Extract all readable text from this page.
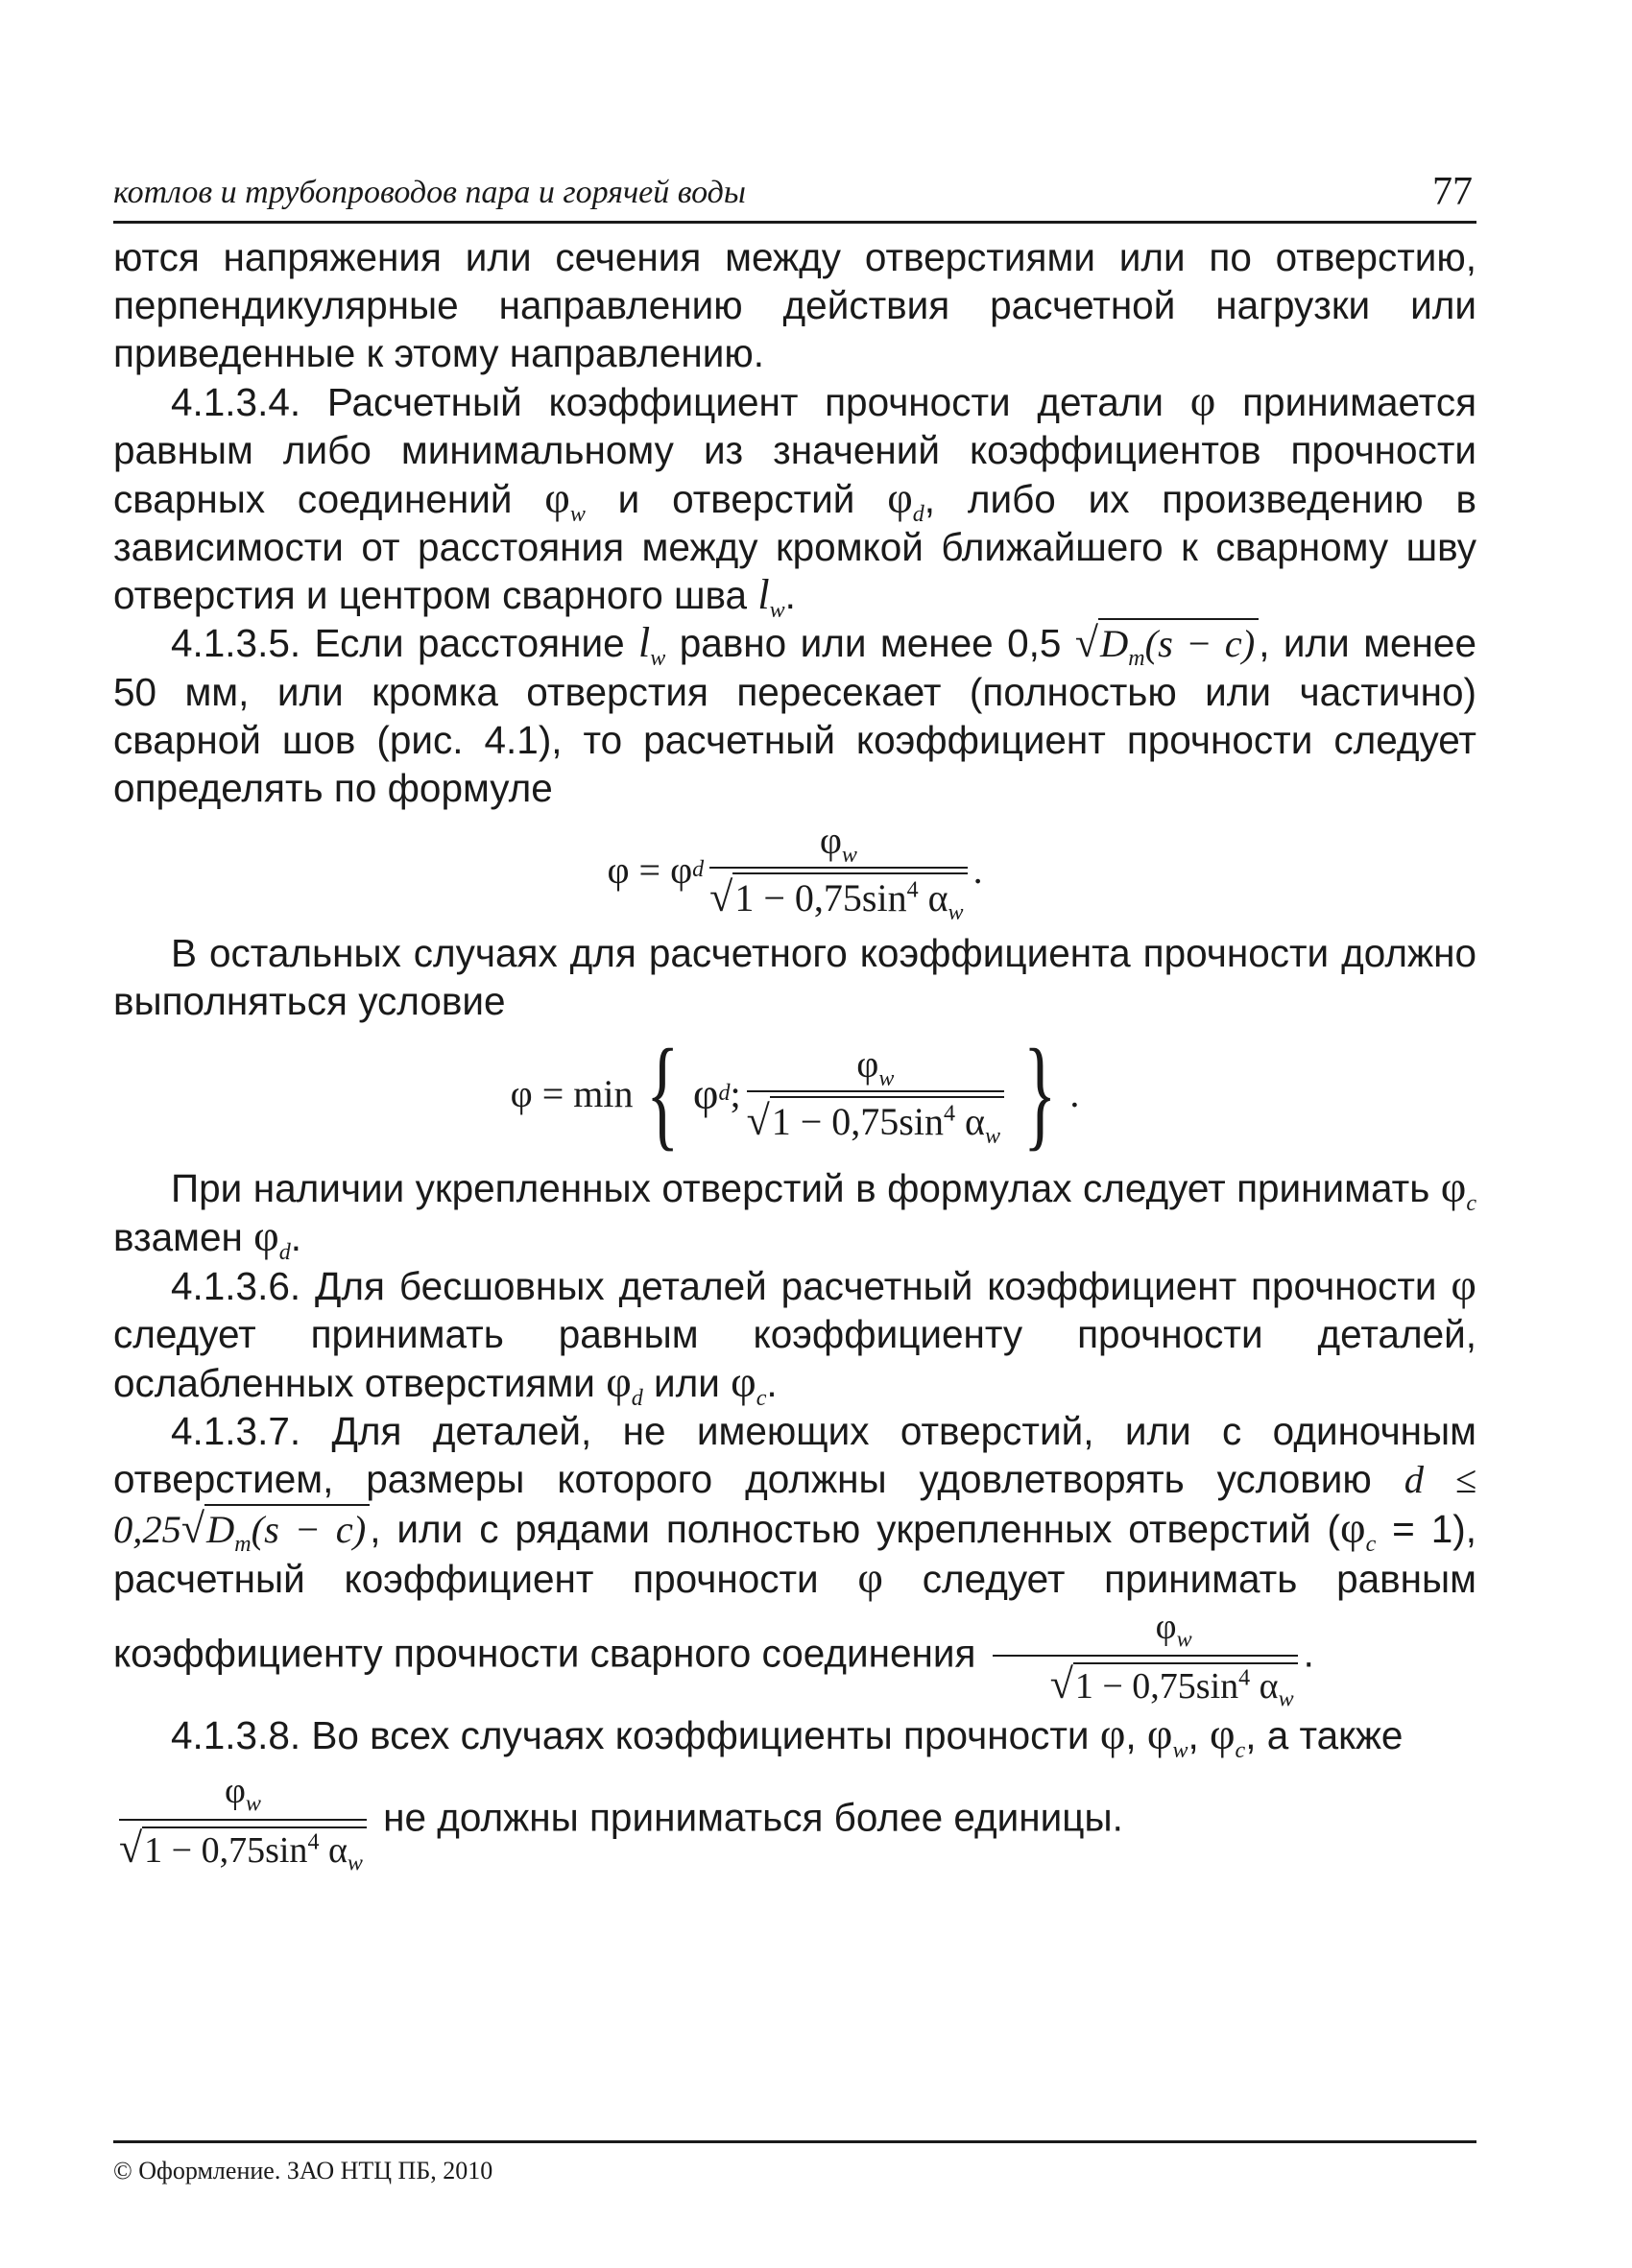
котлов и трубопроводов пара и горячей воды	77

ются напряжения или сечения между отверстиями или по отверстию, перпендикулярные направлению действия расчетной нагрузки или приведенные к этому направлению.

4.1.3.4. Расчетный коэффициент прочности детали φ принимается равным либо минимальному из значений коэффициентов прочности сварных соединений $\varphi_w$ и отверстий $\varphi_d$, либо их произведению в зависимости от расстояния между кромкой ближайшего к сварному шву отверстия и центром сварного шва $l_w$.

4.1.3.5. Если расстояние $l_w$ равно или менее 0,5 $√D_m(s - c)$, или менее 50 мм, или кромка отверстия пересекает (полностью или частично) сварной шов (рис. 4.1), то расчетный коэффициент прочности следует определять по формуле

φ = φ d $\frac{\varphi_w}{√1 - 0,75\sin^4 \alpha_w}$ .

В остальных случаях для расчетного коэффициента прочности должно выполняться условие

φ = min { φ d ; $\frac{\varphi_w}{√1 - 0,75\sin^4 \alpha_w}$ } .

При наличии укрепленных отверстий в формулах следует принимать $\varphi_c$ взамен $\varphi_d$.

4.1.3.6. Для бесшовных деталей расчетный коэффициент прочности φ следует принимать равным коэффициенту прочности деталей, ослабленных отверстиями $\varphi_d$ или $\varphi_c$.

4.1.3.7. Для деталей, не имеющих отверстий, или с одиночным отверстием, размеры которого должны удовлетворять условию $d \le 0,25√D_m(s - c)$, или с рядами полностью укрепленных отверстий $(\varphi_c = 1)$, расчетный коэффициент прочности φ следует принимать равным коэффициенту прочности сварного соединения $\frac{\varphi_w}{√1 - 0,75\sin^4 \alpha_w}$ .

4.1.3.8. Во всех случаях коэффициенты прочности φ, $\varphi_w$, $\varphi_c$, а также

$\frac{\varphi_w}{√1 - 0,75\sin^4 \alpha_w}$ не должны приниматься более единицы.

© Оформление. ЗАО НТЦ ПБ, 2010
